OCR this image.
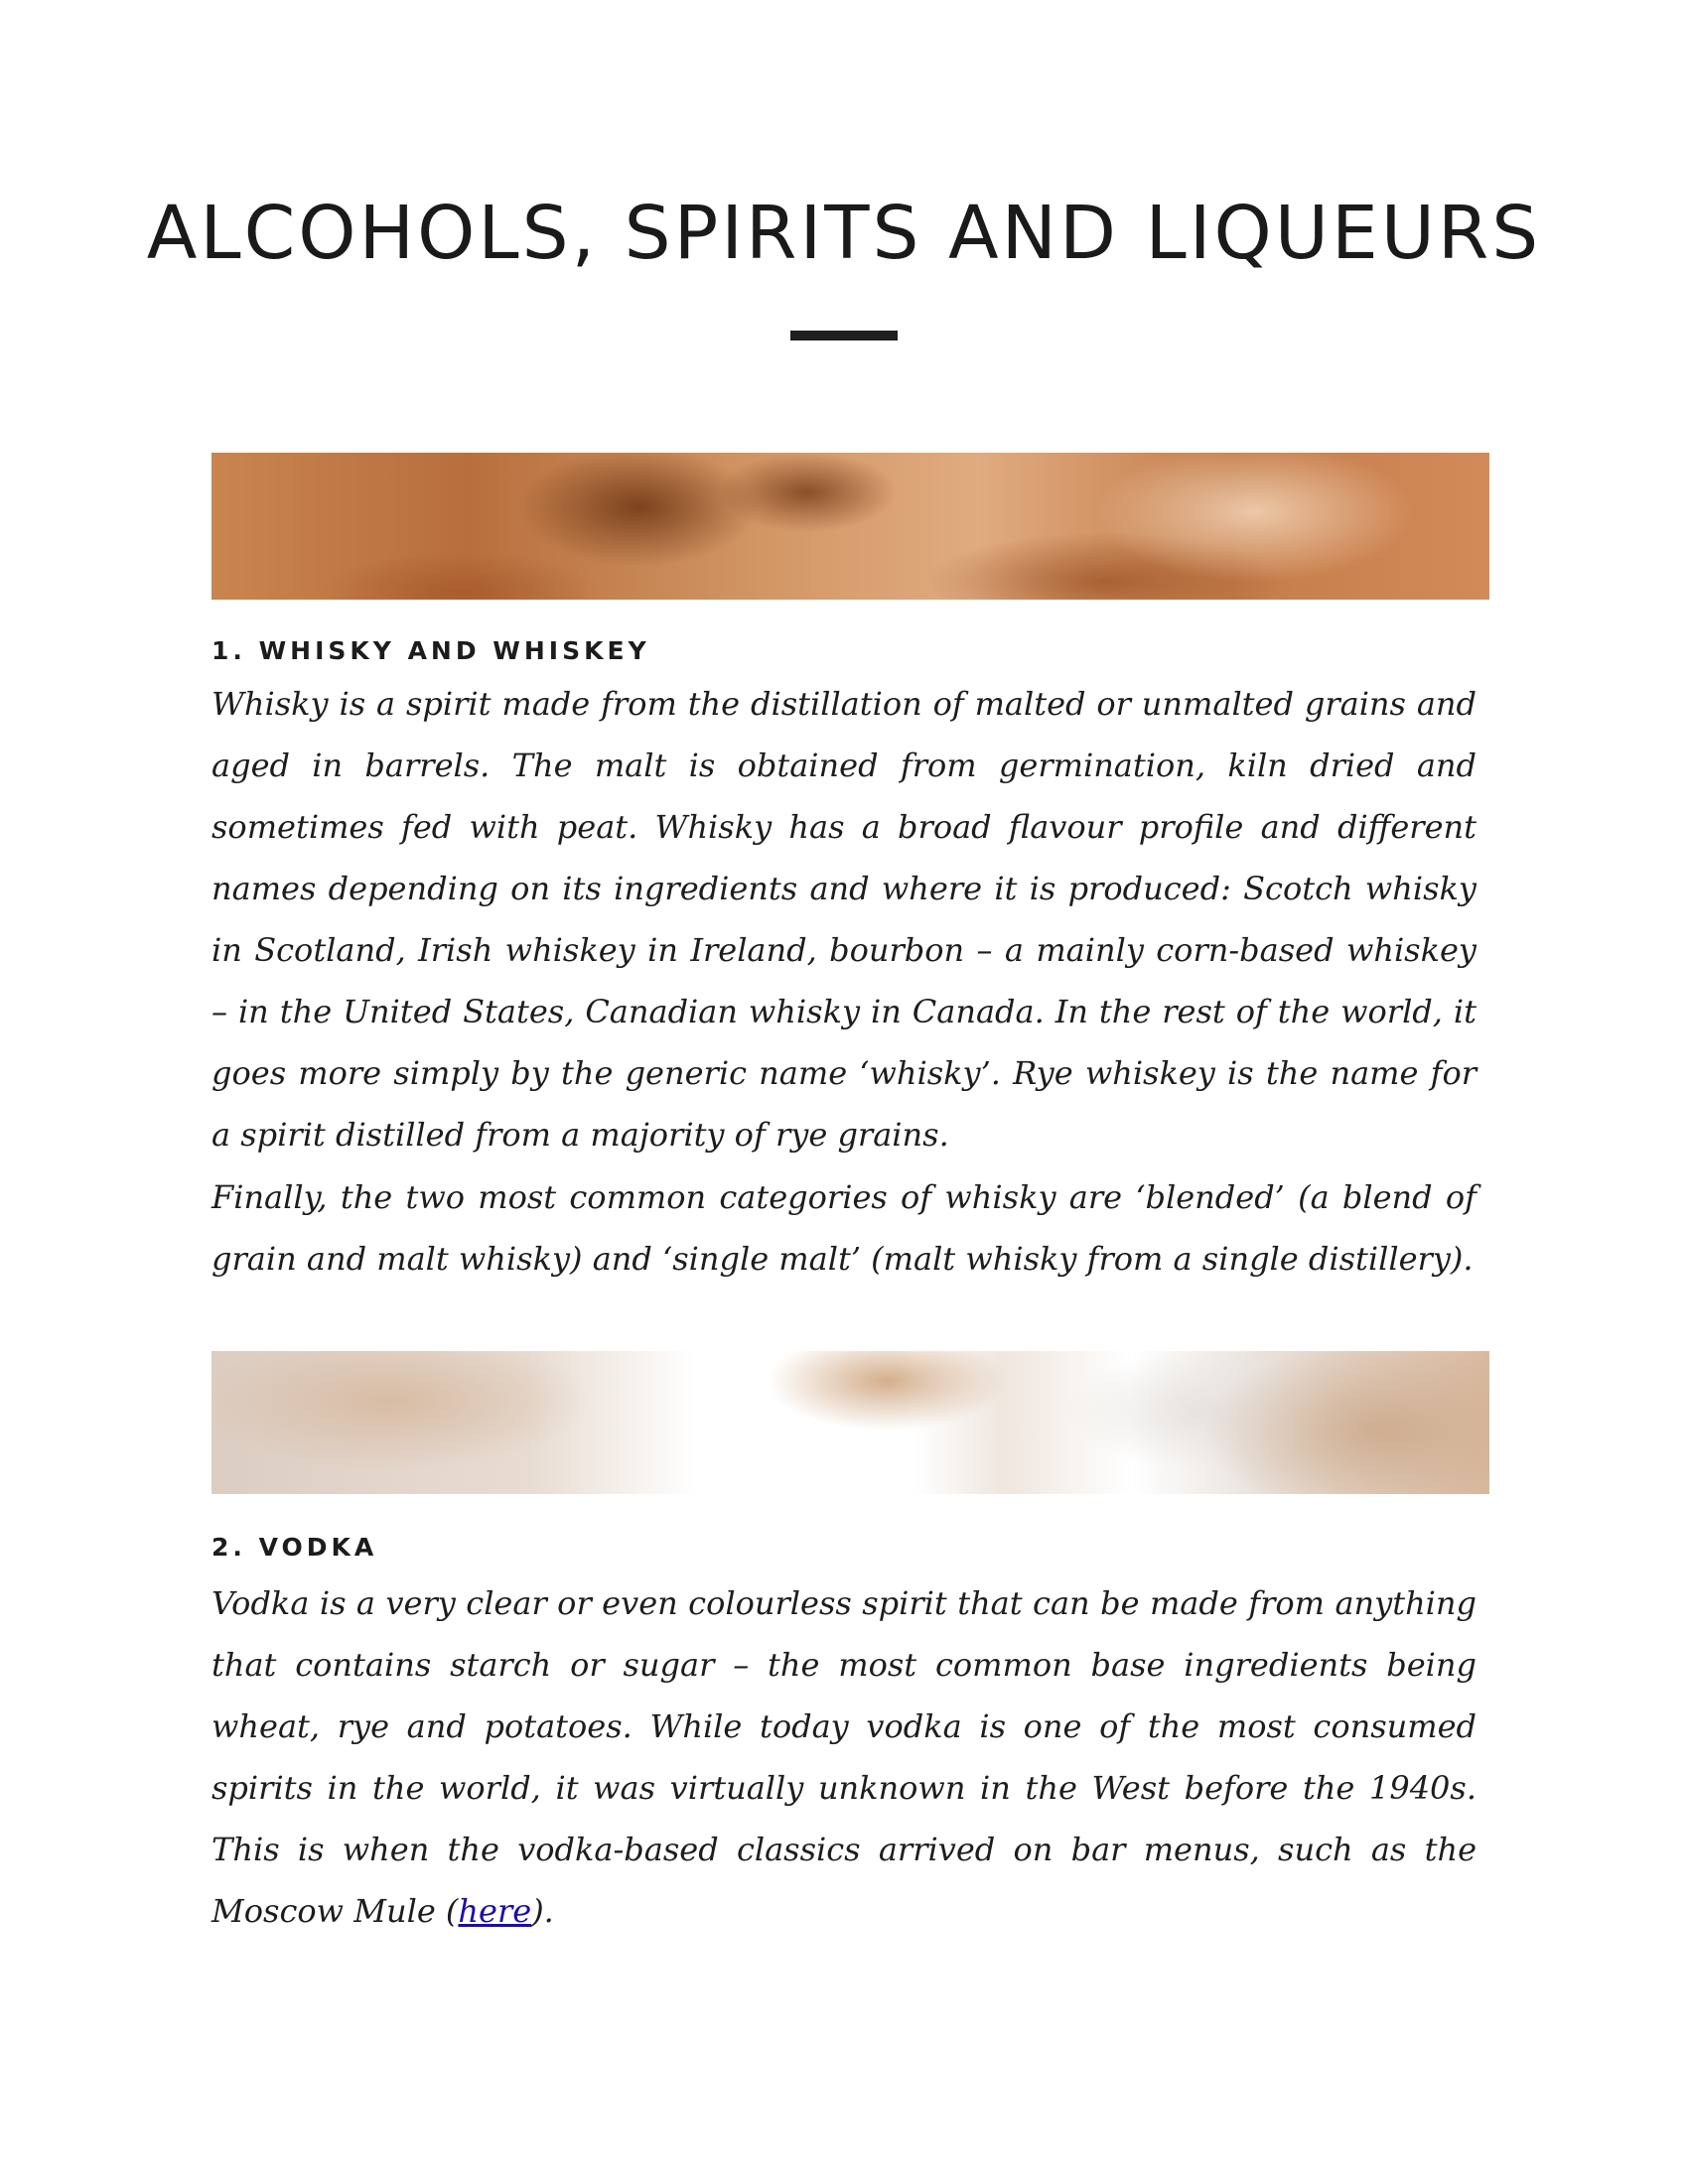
ALCOHOLS, SPIRITS AND LIQUEURS
1. WHISKY AND WHISKEY

Whisky is a spirit made from the distillation of malted or unmalted grains and aged in barrels. The malt is obtained from germination, kiln dried and sometimes fed with peat. Whisky has a broad flavour profile and different names depending on its ingredients and where it is produced: Scotch whisky in Scotland, Irish whiskey in Ireland, bourbon – a mainly corn-based whiskey – in the United States, Canadian whisky in Canada. In the rest of the world, it goes more simply by the generic name ‘whisky’. Rye whiskey is the name for a spirit distilled from a majority of rye grains.

Finally, the two most common categories of whisky are ‘blended’ (a blend of grain and malt whisky) and ‘single malt’ (malt whisky from a single distillery).

2. VODKA

Vodka is a very clear or even colourless spirit that can be made from anything that contains starch or sugar – the most common base ingredients being wheat, rye and potatoes. While today vodka is one of the most consumed spirits in the world, it was virtually unknown in the West before the 1940s. This is when the vodka-based classics arrived on bar menus, such as the Moscow Mule (here).
